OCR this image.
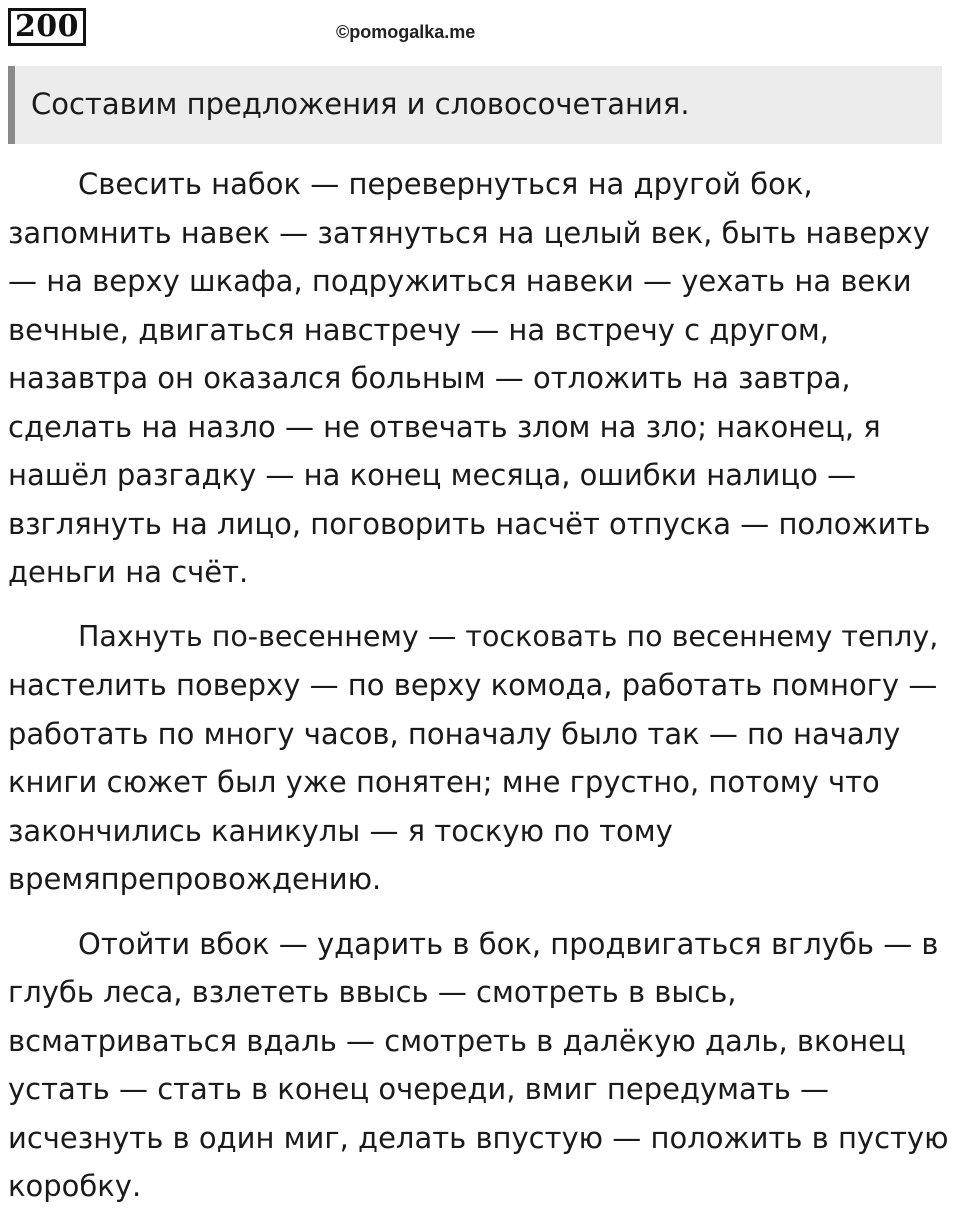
200	©pomogalka.me
Составим предложения и словосочетания.

Свесить набок — перевернуться на другой бок,
запомнить навек — затянуться на целый век, быть наверху
— на верху шкафа, подружиться навеки — уехать на веки
вечные, двигаться навстречу — на встречу с другом,
назавтра он оказался больным — отложить на завтра,
сделать на назло — не отвечать злом на зло; наконец, я
нашёл разгадку — на конец месяца, ошибки налицо —
взглянуть на лицо, поговорить насчёт отпуска — положить
деньги на счёт.

Пахнуть по-весеннему — тосковать по весеннему теплу,
настелить поверху — по верху комода, работать помногу —
работать по многу часов, поначалу было так — по началу
книги сюжет был уже понятен; мне грустно, потому что
закончились каникулы — я тоскую по тому
времяпрепровождению.

Отойти вбок — ударить в бок, продвигаться вглубь — в
глубь леса, взлететь ввысь — смотреть в высь,
всматриваться вдаль — смотреть в далёкую даль, вконец
устать — стать в конец очереди, вмиг передумать —
исчезнуть в один миг, делать впустую — положить в пустую
коробку.
